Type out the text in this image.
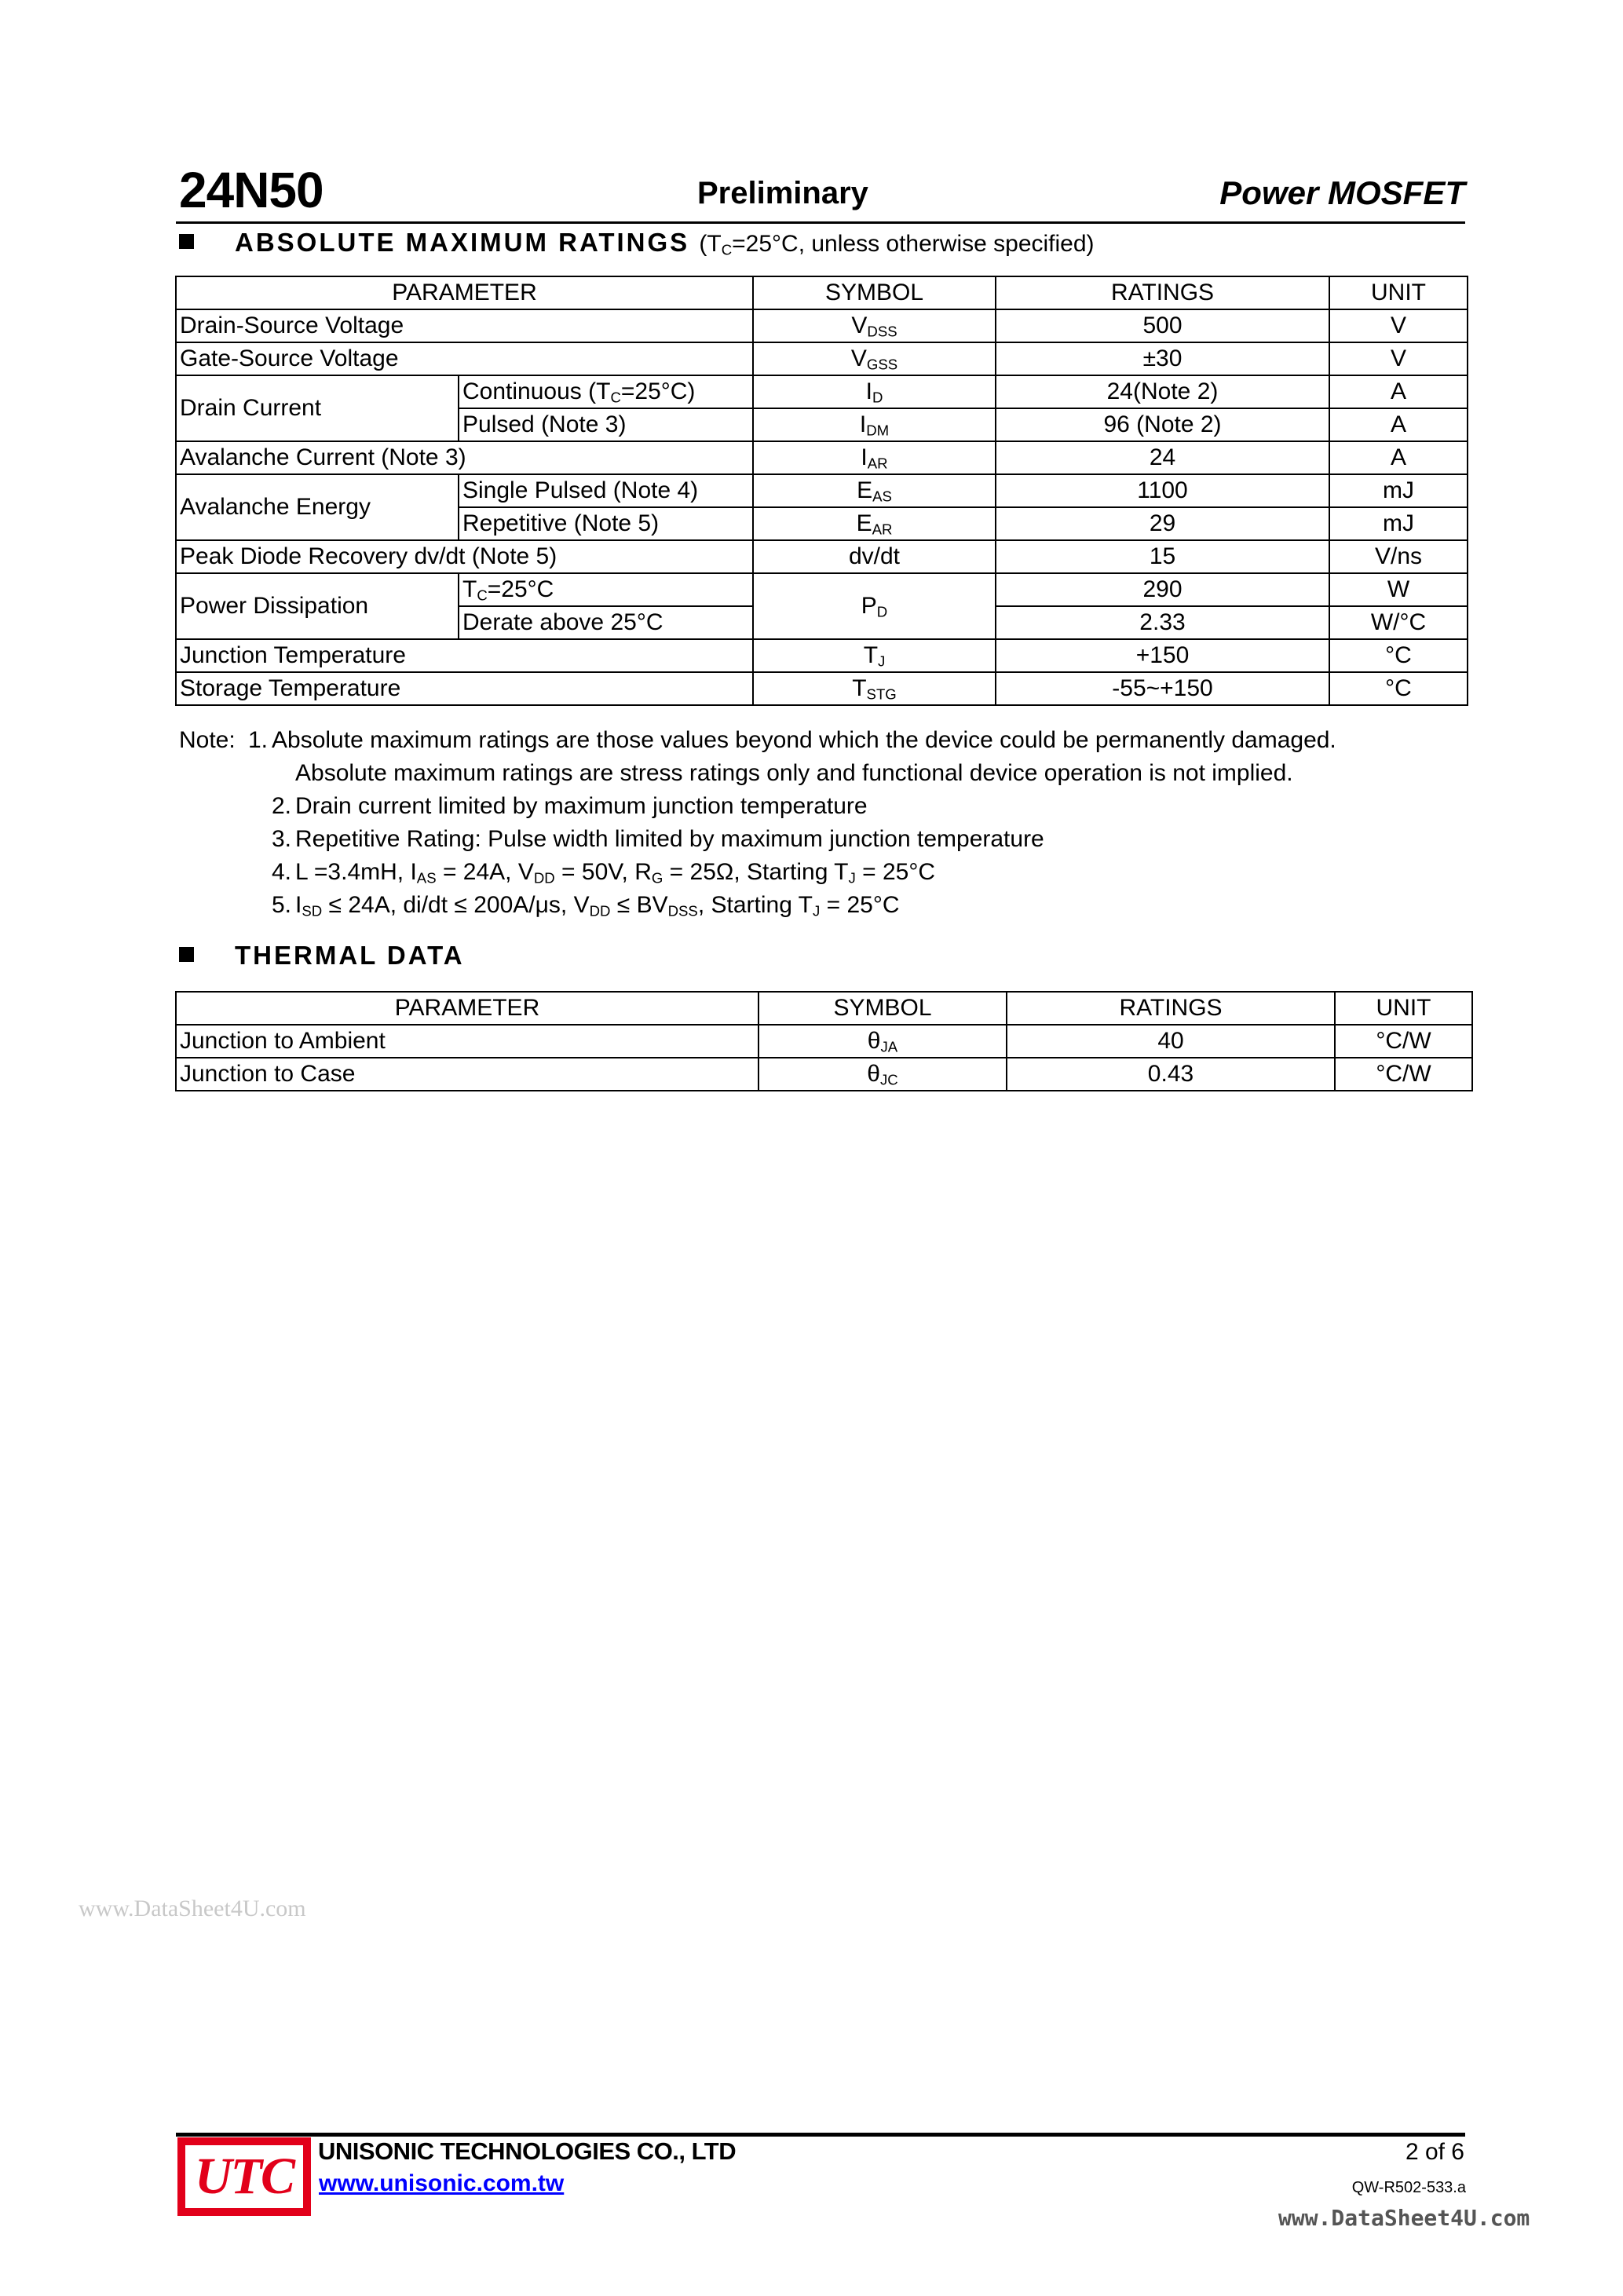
24N50	Preliminary	Power MOSFET
ABSOLUTE MAXIMUM RATINGS ($T_C=25^\circ C$, unless otherwise specified)
PARAMETER		SYMBOL	RATINGS	UNIT
Drain-Source Voltage		$V_{DSS}$	500	V
Gate-Source Voltage		$V_{GSS}$	±30	V
Drain Current	Continuous $(T_C=25^\circ C)$	$I_D$	24(Note 2)	A
	Pulsed (Note 3)	$I_{DM}$	96 (Note 2)	A
Avalanche Current (Note 3)		$I_{AR}$	24	A
Avalanche Energy	Single Pulsed (Note 4)	$E_{AS}$	1100	mJ
	Repetitive (Note 5)	$E_{AR}$	29	mJ
Peak Diode Recovery dv/dt (Note 5)		dv/dt	15	V/ns
Power Dissipation	$T_C=25^\circ C$	$P_D$	290	W
	Derate above 25°C		2.33	W/°C
Junction Temperature		$T_J$	+150	°C
Storage Temperature		$T_{STG}$	-55~+150	°C
Note: 1. Absolute maximum ratings are those values beyond which the device could be permanently damaged.
Absolute maximum ratings are stress ratings only and functional device operation is not implied.
2. Drain current limited by maximum junction temperature
3. Repetitive Rating: Pulse width limited by maximum junction temperature
4. L =3.4mH, $I_{AS} = 24A$, $V_{DD} = 50V$, $R_G = 25\Omega$, Starting $T_J = 25^\circ C$
5. $I_{SD} \le 24A$, di/dt ≤ 200A/μs, $V_{DD} \le BV_{DSS}$, Starting $T_J = 25^\circ C$
THERMAL DATA
PARAMETER	SYMBOL	RATINGS	UNIT
Junction to Ambient	$\theta_{JA}$	40	°C/W
Junction to Case	$\theta_{JC}$	0.43	°C/W
www.DataSheet4U.com
www.DataSheet4U.com
UTC	UNISONIC TECHNOLOGIES CO., LTD
www.unisonic.com.tw
2 of 6
QW-R502-533.a
